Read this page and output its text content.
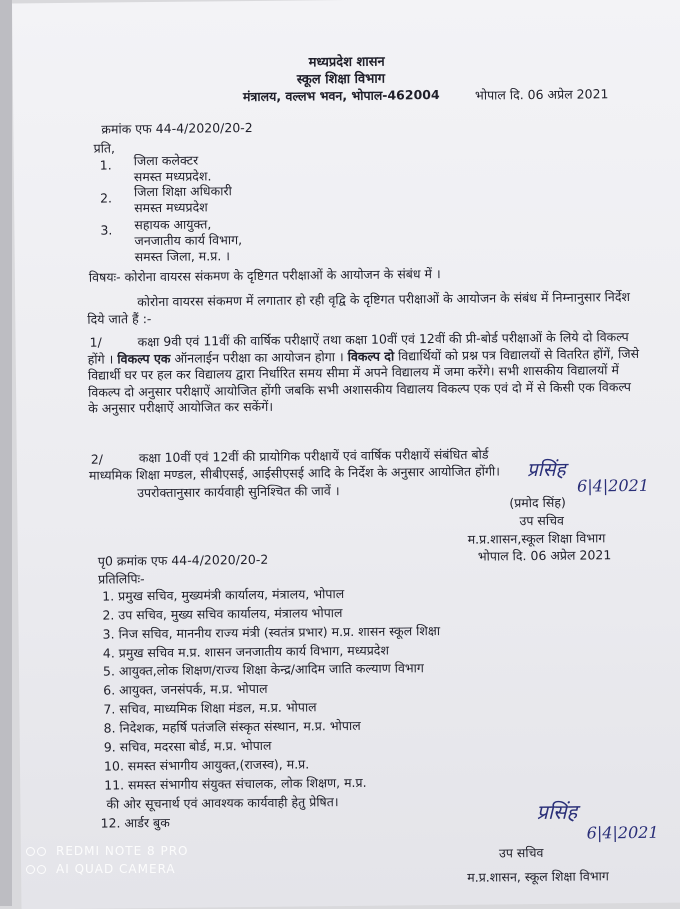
मध्यप्रदेश शासन
स्कूल शिक्षा विभाग
मंत्रालय, वल्लभ भवन, भोपाल-462004	भोपाल दि. 06 अप्रेल 2021
क्रमांक एफ 44-4/2020/20-2
प्रति,
1. जिला कलेक्टर
समस्त मध्यप्रदेश.
2. जिला शिक्षा अधिकारी
समस्त मध्यप्रदेश
3. सहायक आयुक्त,
जनजातीय कार्य विभाग,
समस्त जिला, म.प्र. ।
विषयः- कोरोना वायरस संकमण के दृष्टिगत परीक्षाओं के आयोजन के संबंध में ।
कोरोना वायरस संकमण में लगातार हो रही वृद्वि के दृष्टिगत परीक्षाओं के आयोजन के संबंध में निम्नानुसार निर्देश दिये जाते हैं :-
1/	कक्षा 9वी एवं 11वीं की वार्षिक परीक्षाऐं तथा कक्षा 10वीं एवं 12वीं की प्री-बोर्ड परीक्षाओं के लिये दो विकल्प होंगे । विकल्प एक ऑनलाईन परीक्षा का आयोजन होगा । विकल्प दो विद्यार्थियों को प्रश्न पत्र विद्यालयों से वितरित होंगें, जिसे विद्यार्थी घर पर हल कर विद्यालय द्वारा निर्धारित समय सीमा में अपने विद्यालय में जमा करेंगे। सभी शासकीय विद्यालयों में विकल्प दो अनुसार परीक्षाऐं आयोजित होंगी जबकि सभी अशासकीय विद्यालय विकल्प एक एवं दो में से किसी एक विकल्प के अनुसार परीक्षाऐं आयोजित कर सकेंगें।
2/	कक्षा 10वीं एवं 12वीं की प्रायोगिक परीक्षायें एवं वार्षिक परीक्षायें संबंधित बोर्ड माध्यमिक शिक्षा मण्डल, सीबीएसई, आईसीएसई आदि के निर्देश के अनुसार आयोजित होंगी।
उपरोक्तानुसार कार्यवाही सुनिश्चित की जावें ।
प्रसिंह
6|4|2021
(प्रमोद सिंह)
उप सचिव
म.प्र.शासन,स्कूल शिक्षा विभाग
भोपाल दि. 06 अप्रेल 2021
पृ0 क्रमांक एफ 44-4/2020/20-2
प्रतिलिपिः-
1. प्रमुख सचिव, मुख्यमंत्री कार्यालय, मंत्रालय, भोपाल
2. उप सचिव, मुख्य सचिव कार्यालय, मंत्रालय भोपाल
3. निज सचिव, माननीय राज्य मंत्री (स्वतंत्र प्रभार) म.प्र. शासन स्कूल शिक्षा
4. प्रमुख सचिव म.प्र. शासन जनजातीय कार्य विभाग, मध्यप्रदेश
5. आयुक्त,लोक शिक्षण/राज्य शिक्षा केन्द्र/आदिम जाति कल्याण विभाग
6. आयुक्त, जनसंपर्क, म.प्र. भोपाल
7. सचिव, माध्यमिक शिक्षा मंडल, म.प्र. भोपाल
8. निदेशक, महर्षि पतंजलि संस्कृत संस्थान, म.प्र. भोपाल
9. सचिव, मदरसा बोर्ड, म.प्र. भोपाल
10. समस्त संभागीय आयुक्त,(राजस्व), म.प्र.
11. समस्त संभागीय संयुक्त संचालक, लोक शिक्षण, म.प्र.
की ओर सूचनार्थ एवं आवश्यक कार्यवाही हेतु प्रेषित।
12. आर्डर बुक	प्रसिंह
6|4|2021
उप सचिव
म.प्र.शासन, स्कूल शिक्षा विभाग
REDMI NOTE 8 PRO
AI QUAD CAMERA
